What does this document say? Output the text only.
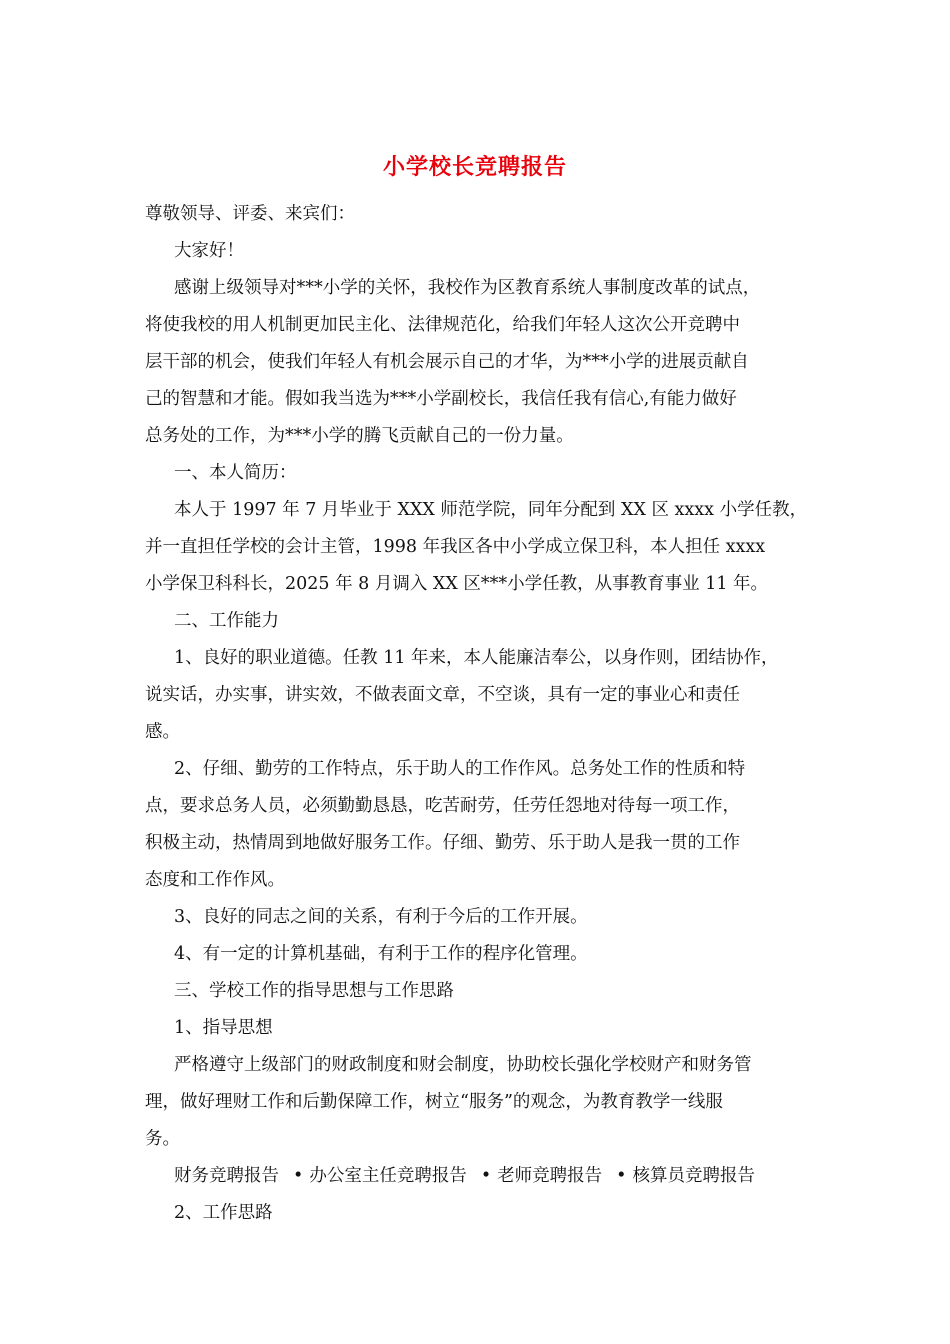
小学校长竞聘报告
尊敬领导、评委、来宾们：
大家好！
感谢上级领导对***小学的关怀，我校作为区教育系统人事制度改革的试点，
将使我校的用人机制更加民主化、法律规范化，给我们年轻人这次公开竞聘中
层干部的机会，使我们年轻人有机会展示自己的才华，为***小学的进展贡献自
己的智慧和才能。假如我当选为***小学副校长，我信任我有信心,有能力做好
总务处的工作，为***小学的腾飞贡献自己的一份力量。
一、本人简历：
本人于 1997 年 7 月毕业于 XXX 师范学院，同年分配到 XX 区 xxxx 小学任教，
并一直担任学校的会计主管，1998 年我区各中小学成立保卫科，本人担任 xxxx
小学保卫科科长，2025 年 8 月调入 XX 区***小学任教，从事教育事业 11 年。
二、工作能力
1、良好的职业道德。任教 11 年来，本人能廉洁奉公，以身作则，团结协作，
说实话，办实事，讲实效，不做表面文章，不空谈，具有一定的事业心和责任
感。
2、仔细、勤劳的工作特点，乐于助人的工作作风。总务处工作的性质和特
点，要求总务人员，必须勤勤恳恳，吃苦耐劳，任劳任怨地对待每一项工作，
积极主动，热情周到地做好服务工作。仔细、勤劳、乐于助人是我一贯的工作
态度和工作作风。
3、良好的同志之间的关系，有利于今后的工作开展。
4、有一定的计算机基础，有利于工作的程序化管理。
三、学校工作的指导思想与工作思路
1、指导思想
严格遵守上级部门的财政制度和财会制度，协助校长强化学校财产和财务管
理，做好理财工作和后勤保障工作，树立“服务”的观念，为教育教学一线服
务。
财务竞聘报告 • 办公室主任竞聘报告 • 老师竞聘报告 • 核算员竞聘报告
2、工作思路
